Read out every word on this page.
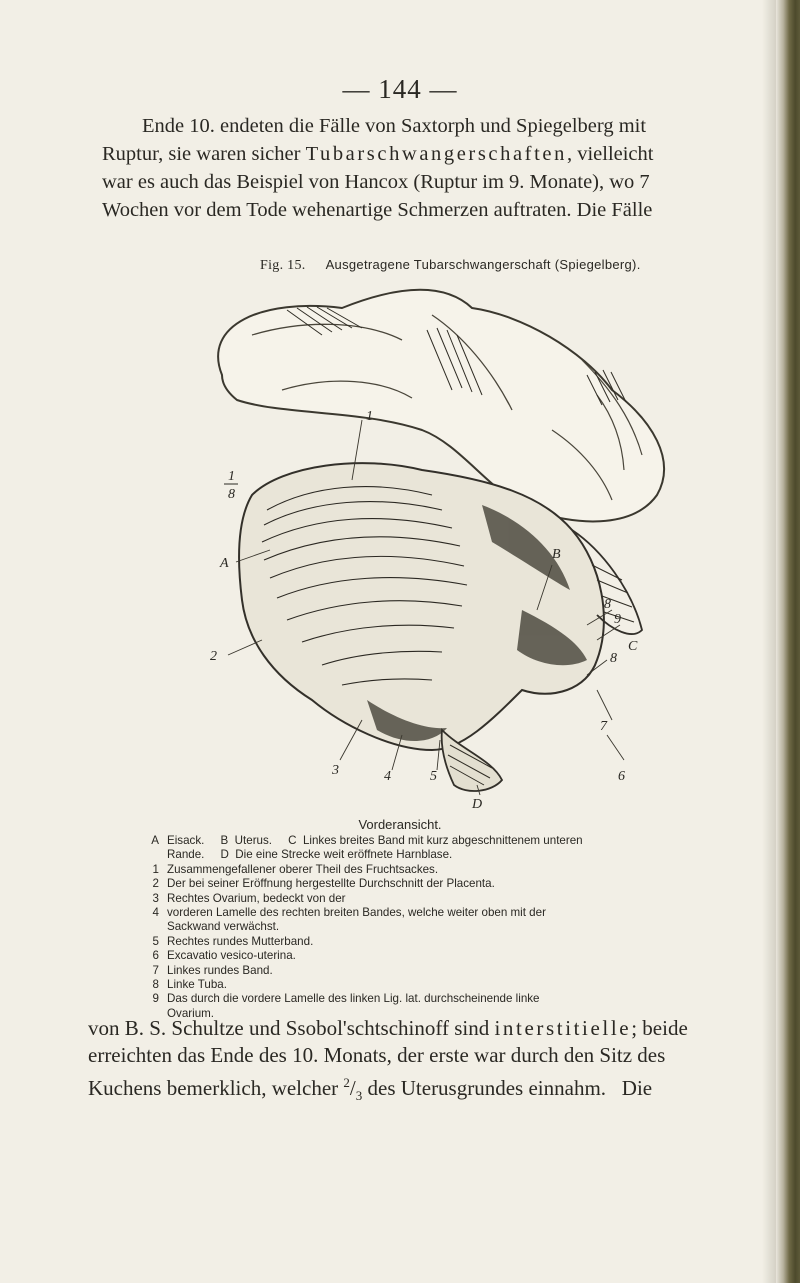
— 144 —

Ende 10. endeten die Fälle von Saxtorph und Spiegelberg mit

Ruptur, sie waren sicher Tubarschwangerschaften, vielleicht

war es auch das Beispiel von Hancox (Ruptur im 9. Monate), wo 7

Wochen vor dem Tode wehenartige Schmerzen auftraten. Die Fälle

Fig. 15. Ausgetragene Tubarschwangerschaft (Spiegelberg).
1
8
1
A
B
2
8
9
C
8
7
3	4	5	6
D
Vorderansicht.
A Eisack.     B  Uterus.     C  Linkes breites Band mit kurz abgeschnittenem unteren
Rande.     D  Die eine Strecke weit eröffnete Harnblase.
1 Zusammengefallener oberer Theil des Fruchtsackes.
2 Der bei seiner Eröffnung hergestellte Durchschnitt der Placenta.
3 Rechtes Ovarium, bedeckt von der
4 vorderen Lamelle des rechten breiten Bandes, welche weiter oben mit der
Sackwand verwächst.
5 Rechtes rundes Mutterband.
6 Excavatio vesico-uterina.
7 Linkes rundes Band.
8 Linke Tuba.
9 Das durch die vordere Lamelle des linken Lig. lat. durchscheinende linke
Ovarium.

von B. S. Schultze und Ssobol'schtschinoff sind interstitielle; beide

erreichten das Ende des 10. Monats, der erste war durch den Sitz des

Kuchens bemerklich, welcher $^2/_3$ des Uterusgrundes einnahm.   Die
